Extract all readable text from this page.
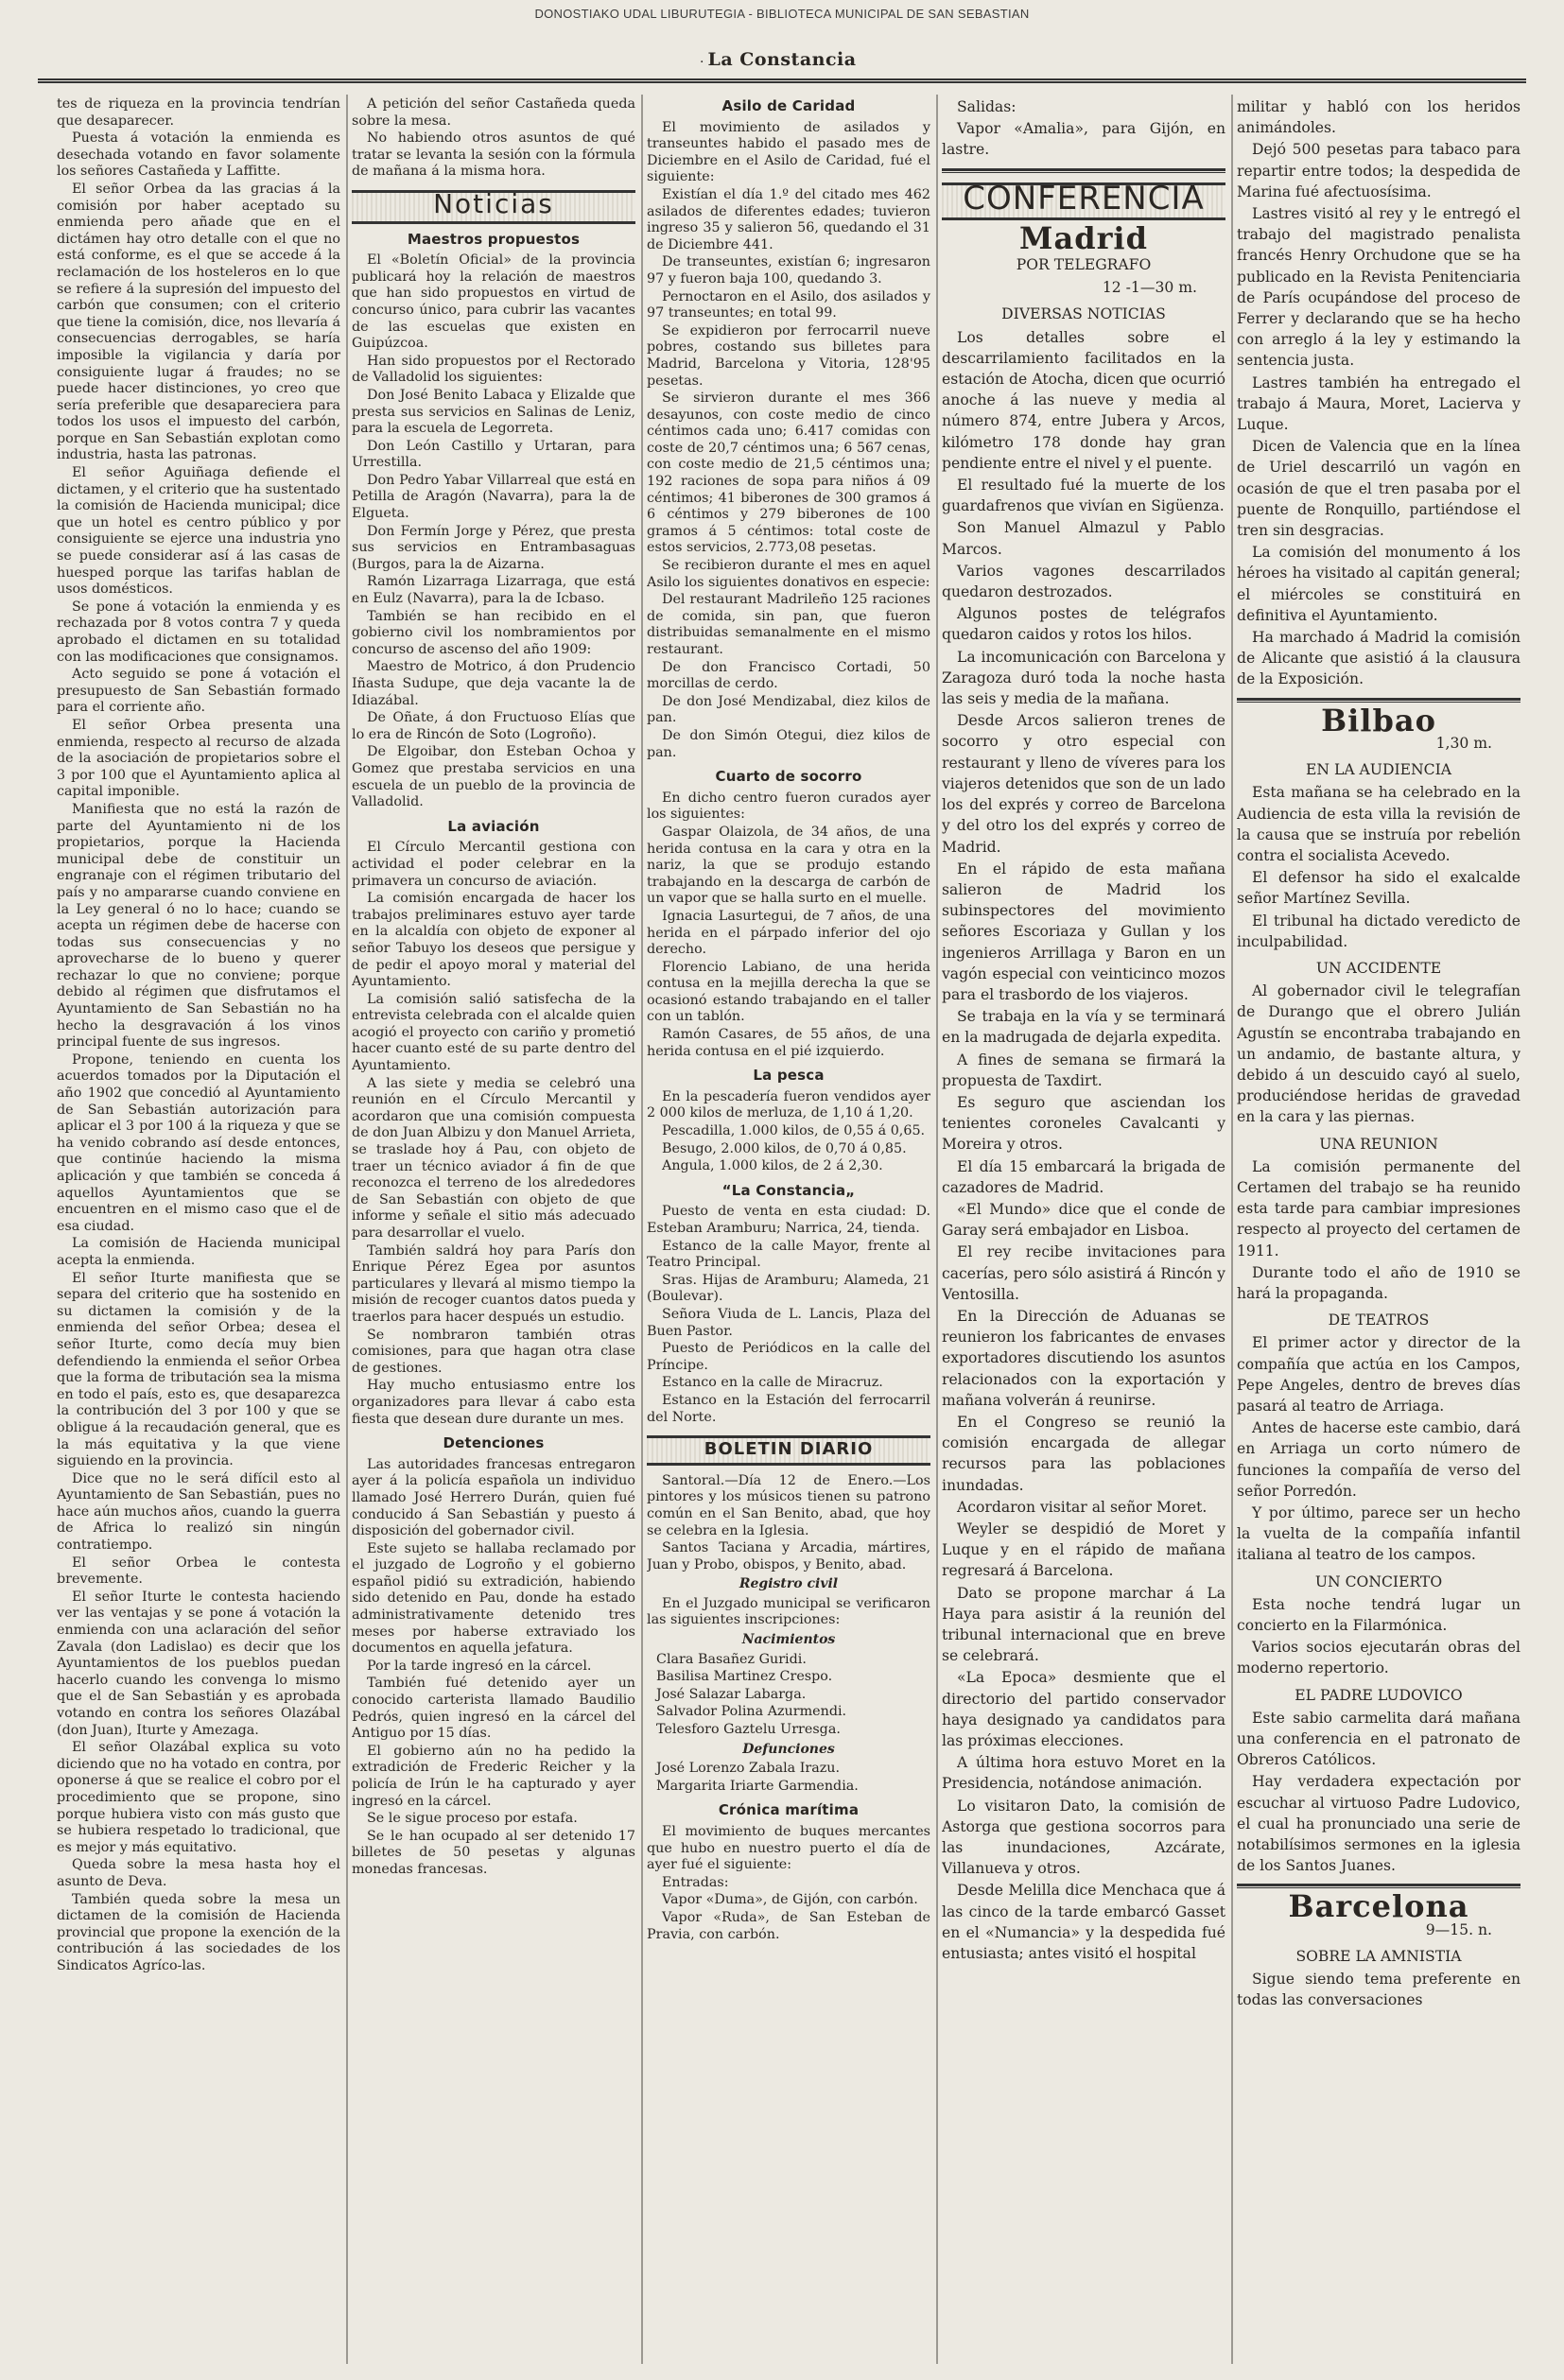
DONOSTIAKO UDAL LIBURUTEGIA - BIBLIOTECA MUNICIPAL DE SAN SEBASTIAN
· La Constancia

tes de riqueza en la provincia tendrían que desaparecer.

Puesta á votación la enmienda es desechada votando en favor solamente los señores Castañeda y Laffitte.

El señor Orbea da las gracias á la comisión por haber aceptado su enmienda pero añade que en el dictámen hay otro detalle con el que no está conforme, es el que se accede á la reclamación de los hosteleros en lo que se refiere á la supresión del impuesto del carbón que consumen; con el criterio que tiene la comisión, dice, nos llevaría á consecuencias derrogables, se haría imposible la vigilancia y daría por consiguiente lugar á fraudes; no se puede hacer distinciones, yo creo que sería preferible que desapareciera para todos los usos el impuesto del carbón, porque en San Sebastián explotan como industria, hasta las patronas.

El señor Aguiñaga defiende el dictamen, y el criterio que ha sustentado la comisión de Hacienda municipal; dice que un hotel es centro público y por consiguiente se ejerce una industria yno se puede considerar así á las casas de huesped porque las tarifas hablan de usos domésticos.

Se pone á votación la enmienda y es rechazada por 8 votos contra 7 y queda aprobado el dictamen en su totalidad con las modificaciones que consignamos.

Acto seguido se pone á votación el presupuesto de San Sebastián formado para el corriente año.

El señor Orbea presenta una enmienda, respecto al recurso de alzada de la asociación de propietarios sobre el 3 por 100 que el Ayuntamiento aplica al capital imponible.

Manifiesta que no está la razón de parte del Ayuntamiento ni de los propietarios, porque la Hacienda municipal debe de constituir un engranaje con el régimen tributario del país y no ampararse cuando conviene en la Ley general ó no lo hace; cuando se acepta un régimen debe de hacerse con todas sus consecuencias y no aprovecharse de lo bueno y querer rechazar lo que no conviene; porque debido al régimen que disfrutamos el Ayuntamiento de San Sebastián no ha hecho la desgravación á los vinos principal fuente de sus ingresos.

Propone, teniendo en cuenta los acuerdos tomados por la Diputación el año 1902 que concedió al Ayuntamiento de San Sebastián autorización para aplicar el 3 por 100 á la riqueza y que se ha venido cobrando así desde entonces, que continúe haciendo la misma aplicación y que también se conceda á aquellos Ayuntamientos que se encuentren en el mismo caso que el de esa ciudad.

La comisión de Hacienda municipal acepta la enmienda.

El señor Iturte manifiesta que se separa del criterio que ha sostenido en su dictamen la comisión y de la enmienda del señor Orbea; desea el señor Iturte, como decía muy bien defendiendo la enmienda el señor Orbea que la forma de tributación sea la misma en todo el país, esto es, que desaparezca la contribución del 3 por 100 y que se obligue á la recaudación general, que es la más equitativa y la que viene siguiendo en la provincia.

Dice que no le será difícil esto al Ayuntamiento de San Sebastián, pues no hace aún muchos años, cuando la guerra de Africa lo realizó sin ningún contratiempo.

El señor Orbea le contesta brevemente.

El señor Iturte le contesta haciendo ver las ventajas y se pone á votación la enmienda con una aclaración del señor Zavala (don Ladislao) es decir que los Ayuntamientos de los pueblos puedan hacerlo cuando les convenga lo mismo que el de San Sebastián y es aprobada votando en contra los señores Olazábal (don Juan), Iturte y Amezaga.

El señor Olazábal explica su voto diciendo que no ha votado en contra, por oponerse á que se realice el cobro por el procedimiento que se propone, sino porque hubiera visto con más gusto que se hubiera respetado lo tradicional, que es mejor y más equitativo.

Queda sobre la mesa hasta hoy el asunto de Deva.

También queda sobre la mesa un dictamen de la comisión de Hacienda provincial que propone la exención de la contribución á las sociedades de los Sindicatos Agríco-las.

A petición del señor Castañeda queda sobre la mesa.

No habiendo otros asuntos de qué tratar se levanta la sesión con la fórmula de mañana á la misma hora.

Noticias
Maestros propuestos

El «Boletín Oficial» de la provincia publicará hoy la relación de maestros que han sido propuestos en virtud de concurso único, para cubrir las vacantes de las escuelas que existen en Guipúzcoa.

Han sido propuestos por el Rectorado de Valladolid los siguientes:

Don José Benito Labaca y Elizalde que presta sus servicios en Salinas de Leniz, para la escuela de Legorreta.

Don León Castillo y Urtaran, para Urrestilla.

Don Pedro Yabar Villarreal que está en Petilla de Aragón (Navarra), para la de Elgueta.

Don Fermín Jorge y Pérez, que presta sus servicios en Entrambasaguas (Burgos, para la de Aizarna.

Ramón Lizarraga Lizarraga, que está en Eulz (Navarra), para la de Icbaso.

También se han recibido en el gobierno civil los nombramientos por concurso de ascenso del año 1909:

Maestro de Motrico, á don Prudencio Iñasta Sudupe, que deja vacante la de Idiazábal.

De Oñate, á don Fructuoso Elías que lo era de Rincón de Soto (Logroño).

De Elgoibar, don Esteban Ochoa y Gomez que prestaba servicios en una escuela de un pueblo de la provincia de Valladolid.

La aviación

El Círculo Mercantil gestiona con actividad el poder celebrar en la primavera un concurso de aviación.

La comisión encargada de hacer los trabajos preliminares estuvo ayer tarde en la alcaldía con objeto de exponer al señor Tabuyo los deseos que persigue y de pedir el apoyo moral y material del Ayuntamiento.

La comisión salió satisfecha de la entrevista celebrada con el alcalde quien acogió el proyecto con cariño y prometió hacer cuanto esté de su parte dentro del Ayuntamiento.

A las siete y media se celebró una reunión en el Círculo Mercantil y acordaron que una comisión compuesta de don Juan Albizu y don Manuel Arrieta, se traslade hoy á Pau, con objeto de traer un técnico aviador á fin de que reconozca el terreno de los alrededores de San Sebastián con objeto de que informe y señale el sitio más adecuado para desarrollar el vuelo.

También saldrá hoy para París don Enrique Pérez Egea por asuntos particulares y llevará al mismo tiempo la misión de recoger cuantos datos pueda y traerlos para hacer después un estudio.

Se nombraron también otras comisiones, para que hagan otra clase de gestiones.

Hay mucho entusiasmo entre los organizadores para llevar á cabo esta fiesta que desean dure durante un mes.

Detenciones

Las autoridades francesas entregaron ayer á la policía española un individuo llamado José Herrero Durán, quien fué conducido á San Sebastián y puesto á disposición del gobernador civil.

Este sujeto se hallaba reclamado por el juzgado de Logroño y el gobierno español pidió su extradición, habiendo sido detenido en Pau, donde ha estado administrativamente detenido tres meses por haberse extraviado los documentos en aquella jefatura.

Por la tarde ingresó en la cárcel.

También fué detenido ayer un conocido carterista llamado Baudilio Pedrós, quien ingresó en la cárcel del Antiguo por 15 días.

El gobierno aún no ha pedido la extradición de Frederic Reicher y la policía de Irún le ha capturado y ayer ingresó en la cárcel.

Se le sigue proceso por estafa.

Se le han ocupado al ser detenido 17 billetes de 50 pesetas y algunas monedas francesas.

Asilo de Caridad

El movimiento de asilados y transeuntes habido el pasado mes de Diciembre en el Asilo de Caridad, fué el siguiente:

Existían el día 1.º del citado mes 462 asilados de diferentes edades; tuvieron ingreso 35 y salieron 56, quedando el 31 de Diciembre 441.

De transeuntes, existían 6; ingresaron 97 y fueron baja 100, quedando 3.

Pernoctaron en el Asilo, dos asilados y 97 transeuntes; en total 99.

Se expidieron por ferrocarril nueve pobres, costando sus billetes para Madrid, Barcelona y Vitoria, 128'95 pesetas.

Se sirvieron durante el mes 366 desayunos, con coste medio de cinco céntimos cada uno; 6.417 comidas con coste de 20,7 céntimos una; 6 567 cenas, con coste medio de 21,5 céntimos una; 192 raciones de sopa para niños á 09 céntimos; 41 biberones de 300 gramos á 6 céntimos y 279 biberones de 100 gramos á 5 céntimos: total coste de estos servicios, 2.773,08 pesetas.

Se recibieron durante el mes en aquel Asilo los siguientes donativos en especie:

Del restaurant Madrileño 125 raciones de comida, sin pan, que fueron distribuidas semanalmente en el mismo restaurant.

De don Francisco Cortadi, 50 morcillas de cerdo.

De don José Mendizabal, diez kilos de pan.

De don Simón Otegui, diez kilos de pan.

Cuarto de socorro

En dicho centro fueron curados ayer los siguientes:

Gaspar Olaizola, de 34 años, de una herida contusa en la cara y otra en la nariz, la que se produjo estando trabajando en la descarga de carbón de un vapor que se halla surto en el muelle.

Ignacia Lasurtegui, de 7 años, de una herida en el párpado inferior del ojo derecho.

Florencio Labiano, de una herida contusa en la mejilla derecha la que se ocasionó estando trabajando en el taller con un tablón.

Ramón Casares, de 55 años, de una herida contusa en el pié izquierdo.

La pesca

En la pescadería fueron vendidos ayer 2 000 kilos de merluza, de 1,10 á 1,20.

Pescadilla, 1.000 kilos, de 0,55 á 0,65.

Besugo, 2.000 kilos, de 0,70 á 0,85.

Angula, 1.000 kilos, de 2 á 2,30.

“La Constancia„

Puesto de venta en esta ciudad: D. Esteban Aramburu; Narrica, 24, tienda.

Estanco de la calle Mayor, frente al Teatro Principal.

Sras. Hijas de Aramburu; Alameda, 21 (Boulevar).

Señora Viuda de L. Lancis, Plaza del Buen Pastor.

Puesto de Periódicos en la calle del Príncipe.

Estanco en la calle de Miracruz.

Estanco en la Estación del ferrocarril del Norte.

BOLETIN DIARIO

Santoral.—Día 12 de Enero.—Los pintores y los músicos tienen su patrono común en el San Benito, abad, que hoy se celebra en la Iglesia.

Santos Taciana y Arcadia, mártires, Juan y Probo, obispos, y Benito, abad.

Registro civil

En el Juzgado municipal se verificaron las siguientes inscripciones:

Nacimientos

Clara Basañez Guridi.

Basilisa Martinez Crespo.

José Salazar Labarga.

Salvador Polina Azurmendi.

Telesforo Gaztelu Urresga.

Defunciones

José Lorenzo Zabala Irazu.

Margarita Iriarte Garmendia.

Crónica marítima

El movimiento de buques mercantes que hubo en nuestro puerto el día de ayer fué el siguiente:

Entradas:

Vapor «Duma», de Gijón, con carbón.

Vapor «Ruda», de San Esteban de Pravia, con carbón.

Salidas:

Vapor «Amalia», para Gijón, en lastre.

CONFERENCIA
Madrid
POR TELEGRAFO

12 -1—30 m.

DIVERSAS NOTICIAS

Los detalles sobre el descarrilamiento facilitados en la estación de Atocha, dicen que ocurrió anoche á las nueve y media al número 874, entre Jubera y Arcos, kilómetro 178 donde hay gran pendiente entre el nivel y el puente.

El resultado fué la muerte de los guardafrenos que vivían en Sigüenza.

Son Manuel Almazul y Pablo Marcos.

Varios vagones descarrilados quedaron destrozados.

Algunos postes de telégrafos quedaron caidos y rotos los hilos.

La incomunicación con Barcelona y Zaragoza duró toda la noche hasta las seis y media de la mañana.

Desde Arcos salieron trenes de socorro y otro especial con restaurant y lleno de víveres para los viajeros detenidos que son de un lado los del exprés y correo de Barcelona y del otro los del exprés y correo de Madrid.

En el rápido de esta mañana salieron de Madrid los subinspectores del movimiento señores Escoriaza y Gullan y los ingenieros Arrillaga y Baron en un vagón especial con veinticinco mozos para el trasbordo de los viajeros.

Se trabaja en la vía y se terminará en la madrugada de dejarla expedita.

A fines de semana se firmará la propuesta de Taxdirt.

Es seguro que asciendan los tenientes coroneles Cavalcanti y Moreira y otros.

El día 15 embarcará la brigada de cazadores de Madrid.

«El Mundo» dice que el conde de Garay será embajador en Lisboa.

El rey recibe invitaciones para cacerías, pero sólo asistirá á Rincón y Ventosilla.

En la Dirección de Aduanas se reunieron los fabricantes de envases exportadores discutiendo los asuntos relacionados con la exportación y mañana volverán á reunirse.

En el Congreso se reunió la comisión encargada de allegar recursos para las poblaciones inundadas.

Acordaron visitar al señor Moret.

Weyler se despidió de Moret y Luque y en el rápido de mañana regresará á Barcelona.

Dato se propone marchar á La Haya para asistir á la reunión del tribunal internacional que en breve se celebrará.

«La Epoca» desmiente que el directorio del partido conservador haya designado ya candidatos para las próximas elecciones.

A última hora estuvo Moret en la Presidencia, notándose animación.

Lo visitaron Dato, la comisión de Astorga que gestiona socorros para las inundaciones, Azcárate, Villanueva y otros.

Desde Melilla dice Menchaca que á las cinco de la tarde embarcó Gasset en el «Numancia» y la despedida fué entusiasta; antes visitó el hospital

militar y habló con los heridos animándoles.

Dejó 500 pesetas para tabaco para repartir entre todos; la despedida de Marina fué afectuosísima.

Lastres visitó al rey y le entregó el trabajo del magistrado penalista francés Henry Orchudone que se ha publicado en la Revista Penitenciaria de París ocupándose del proceso de Ferrer y declarando que se ha hecho con arreglo á la ley y estimando la sentencia justa.

Lastres también ha entregado el trabajo á Maura, Moret, Lacierva y Luque.

Dicen de Valencia que en la línea de Uriel descarriló un vagón en ocasión de que el tren pasaba por el puente de Ronquillo, partiéndose el tren sin desgracias.

La comisión del monumento á los héroes ha visitado al capitán general; el miércoles se constituirá en definitiva el Ayuntamiento.

Ha marchado á Madrid la comisión de Alicante que asistió á la clausura de la Exposición.

Bilbao

1,30 m.

EN LA AUDIENCIA

Esta mañana se ha celebrado en la Audiencia de esta villa la revisión de la causa que se instruía por rebelión contra el socialista Acevedo.

El defensor ha sido el exalcalde señor Martínez Sevilla.

El tribunal ha dictado veredicto de inculpabilidad.

UN ACCIDENTE

Al gobernador civil le telegrafían de Durango que el obrero Julián Agustín se encontraba trabajando en un andamio, de bastante altura, y debido á un descuido cayó al suelo, produciéndose heridas de gravedad en la cara y las piernas.

UNA REUNION

La comisión permanente del Certamen del trabajo se ha reunido esta tarde para cambiar impresiones respecto al proyecto del certamen de 1911.

Durante todo el año de 1910 se hará la propaganda.

DE TEATROS

El primer actor y director de la compañía que actúa en los Campos, Pepe Angeles, dentro de breves días pasará al teatro de Arriaga.

Antes de hacerse este cambio, dará en Arriaga un corto número de funciones la compañía de verso del señor Porredón.

Y por último, parece ser un hecho la vuelta de la compañía infantil italiana al teatro de los campos.

UN CONCIERTO

Esta noche tendrá lugar un concierto en la Filarmónica.

Varios socios ejecutarán obras del moderno repertorio.

EL PADRE LUDOVICO

Este sabio carmelita dará mañana una conferencia en el patronato de Obreros Católicos.

Hay verdadera expectación por escuchar al virtuoso Padre Ludovico, el cual ha pronunciado una serie de notabilísimos sermones en la iglesia de los Santos Juanes.

Barcelona

9—15. n.

SOBRE LA AMNISTIA

Sigue siendo tema preferente en todas las conversaciones
